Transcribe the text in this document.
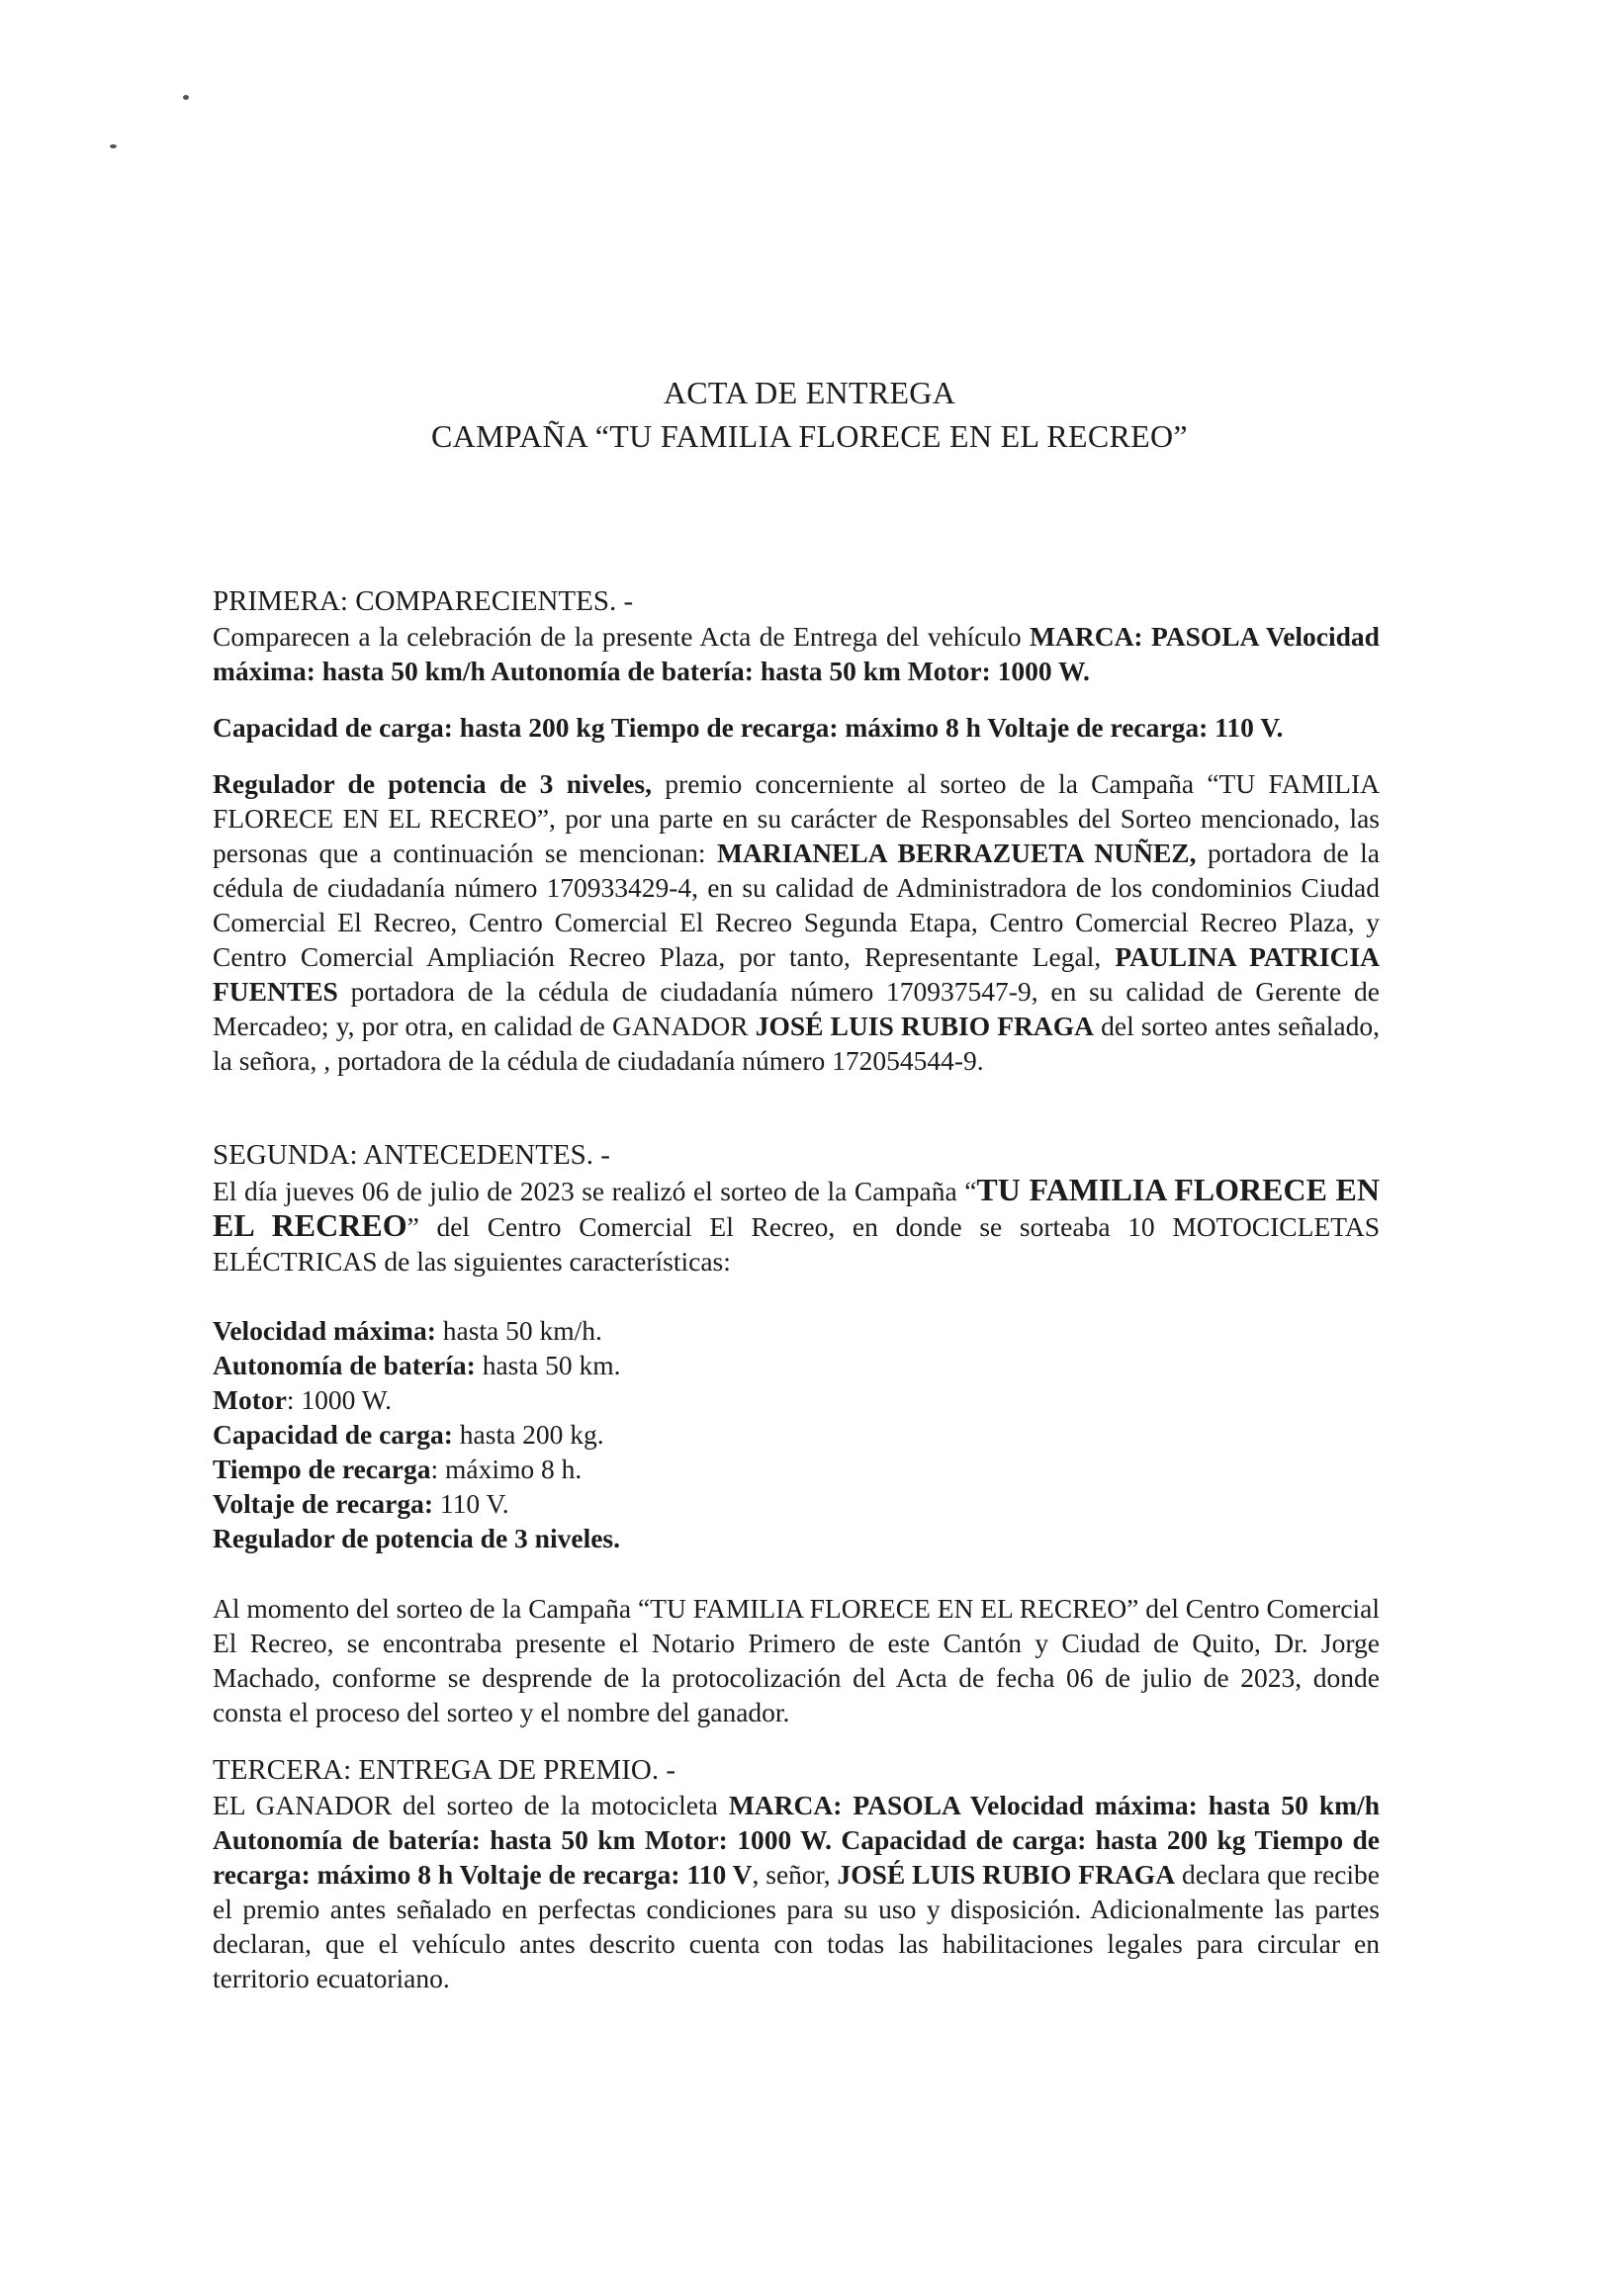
ACTA DE ENTREGA
CAMPAÑA “TU FAMILIA FLORECE EN EL RECREO”

PRIMERA: COMPARECIENTES. -

Comparecen a la celebración de la presente Acta de Entrega del vehículo MARCA: PASOLA Velocidad máxima: hasta 50 km/h Autonomía de batería: hasta 50 km Motor: 1000 W.

Capacidad de carga: hasta 200 kg Tiempo de recarga: máximo 8 h Voltaje de recarga: 110 V.

Regulador de potencia de 3 niveles, premio concerniente al sorteo de la Campaña “TU FAMILIA FLORECE EN EL RECREO”, por una parte en su carácter de Responsables del Sorteo mencionado, las personas que a continuación se mencionan: MARIANELA BERRAZUETA NUÑEZ, portadora de la cédula de ciudadanía número 170933429-4, en su calidad de Administradora de los condominios Ciudad Comercial El Recreo, Centro Comercial El Recreo Segunda Etapa, Centro Comercial Recreo Plaza, y Centro Comercial Ampliación Recreo Plaza, por tanto, Representante Legal, PAULINA PATRICIA FUENTES portadora de la cédula de ciudadanía número 170937547-9, en su calidad de Gerente de Mercadeo; y, por otra, en calidad de GANADOR JOSÉ LUIS RUBIO FRAGA del sorteo antes señalado, la señora, , portadora de la cédula de ciudadanía número 172054544-9.

SEGUNDA: ANTECEDENTES. -

El día jueves 06 de julio de 2023 se realizó el sorteo de la Campaña “TU FAMILIA FLORECE EN EL RECREO” del Centro Comercial El Recreo, en donde se sorteaba 10 MOTOCICLETAS ELÉCTRICAS de las siguientes características:

Velocidad máxima: hasta 50 km/h.

Autonomía de batería: hasta 50 km.

Motor: 1000 W.

Capacidad de carga: hasta 200 kg.

Tiempo de recarga: máximo 8 h.

Voltaje de recarga: 110 V.

Regulador de potencia de 3 niveles.

Al momento del sorteo de la Campaña “TU FAMILIA FLORECE EN EL RECREO” del Centro Comercial El Recreo, se encontraba presente el Notario Primero de este Cantón y Ciudad de Quito, Dr. Jorge Machado, conforme se desprende de la protocolización del Acta de fecha 06 de julio de 2023, donde consta el proceso del sorteo y el nombre del ganador.

TERCERA: ENTREGA DE PREMIO. -

EL GANADOR del sorteo de la motocicleta MARCA: PASOLA Velocidad máxima: hasta 50 km/h Autonomía de batería: hasta 50 km Motor: 1000 W. Capacidad de carga: hasta 200 kg Tiempo de recarga: máximo 8 h Voltaje de recarga: 110 V, señor, JOSÉ LUIS RUBIO FRAGA declara que recibe el premio antes señalado en perfectas condiciones para su uso y disposición. Adicionalmente las partes declaran, que el vehículo antes descrito cuenta con todas las habilitaciones legales para circular en territorio ecuatoriano.
